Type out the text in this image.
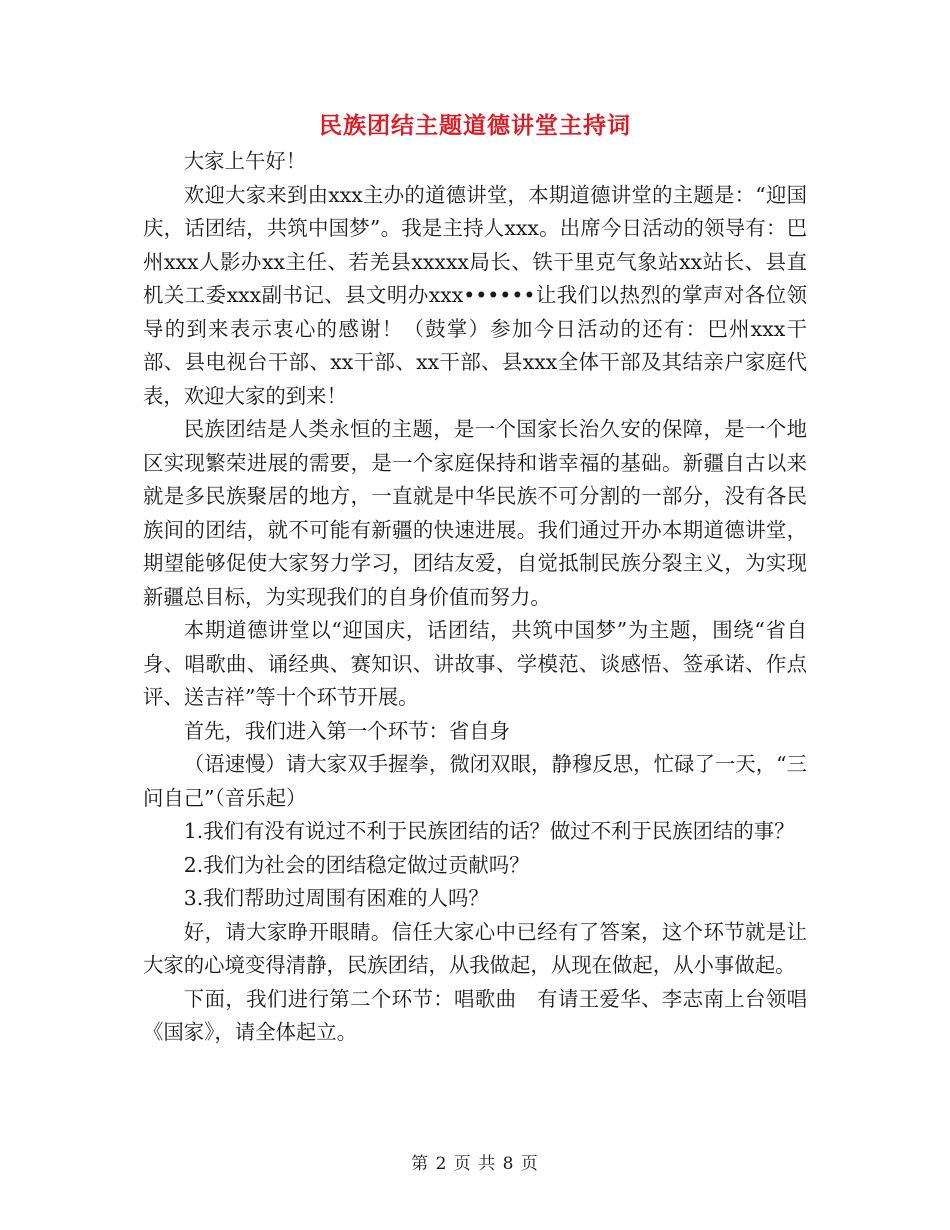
民族团结主题道德讲堂主持词

大家上午好！

欢迎大家来到由xxx主办的道德讲堂，本期道德讲堂的主题是：“迎国庆，话团结，共筑中国梦”。我是主持人xxx。出席今日活动的领导有：巴州xxx人影办xx主任、若羌县xxxxx局长、铁干里克气象站xx站长、县直机关工委xxx副书记、县文明办xxx••••••让我们以热烈的掌声对各位领导的到来表示衷心的感谢！（鼓掌）参加今日活动的还有：巴州xxx干部、县电视台干部、xx干部、xx干部、县xxx全体干部及其结亲户家庭代表，欢迎大家的到来！

民族团结是人类永恒的主题，是一个国家长治久安的保障，是一个地区实现繁荣进展的需要，是一个家庭保持和谐幸福的基础。新疆自古以来就是多民族聚居的地方，一直就是中华民族不可分割的一部分，没有各民族间的团结，就不可能有新疆的快速进展。我们通过开办本期道德讲堂，期望能够促使大家努力学习，团结友爱，自觉抵制民族分裂主义，为实现新疆总目标，为实现我们的自身价值而努力。

本期道德讲堂以“迎国庆，话团结，共筑中国梦”为主题，围绕“省自身、唱歌曲、诵经典、赛知识、讲故事、学模范、谈感悟、签承诺、作点评、送吉祥”等十个环节开展。

首先，我们进入第一个环节：省自身

（语速慢）请大家双手握拳，微闭双眼，静穆反思，忙碌了一天，“三问自己”（音乐起）

1.我们有没有说过不利于民族团结的话？做过不利于民族团结的事？

2.我们为社会的团结稳定做过贡献吗？

3.我们帮助过周围有困难的人吗？

好，请大家睁开眼睛。信任大家心中已经有了答案，这个环节就是让大家的心境变得清静，民族团结，从我做起，从现在做起，从小事做起。

下面，我们进行第二个环节：唱歌曲　有请王爱华、李志南上台领唱《国家》，请全体起立。

第 2 页 共 8 页
